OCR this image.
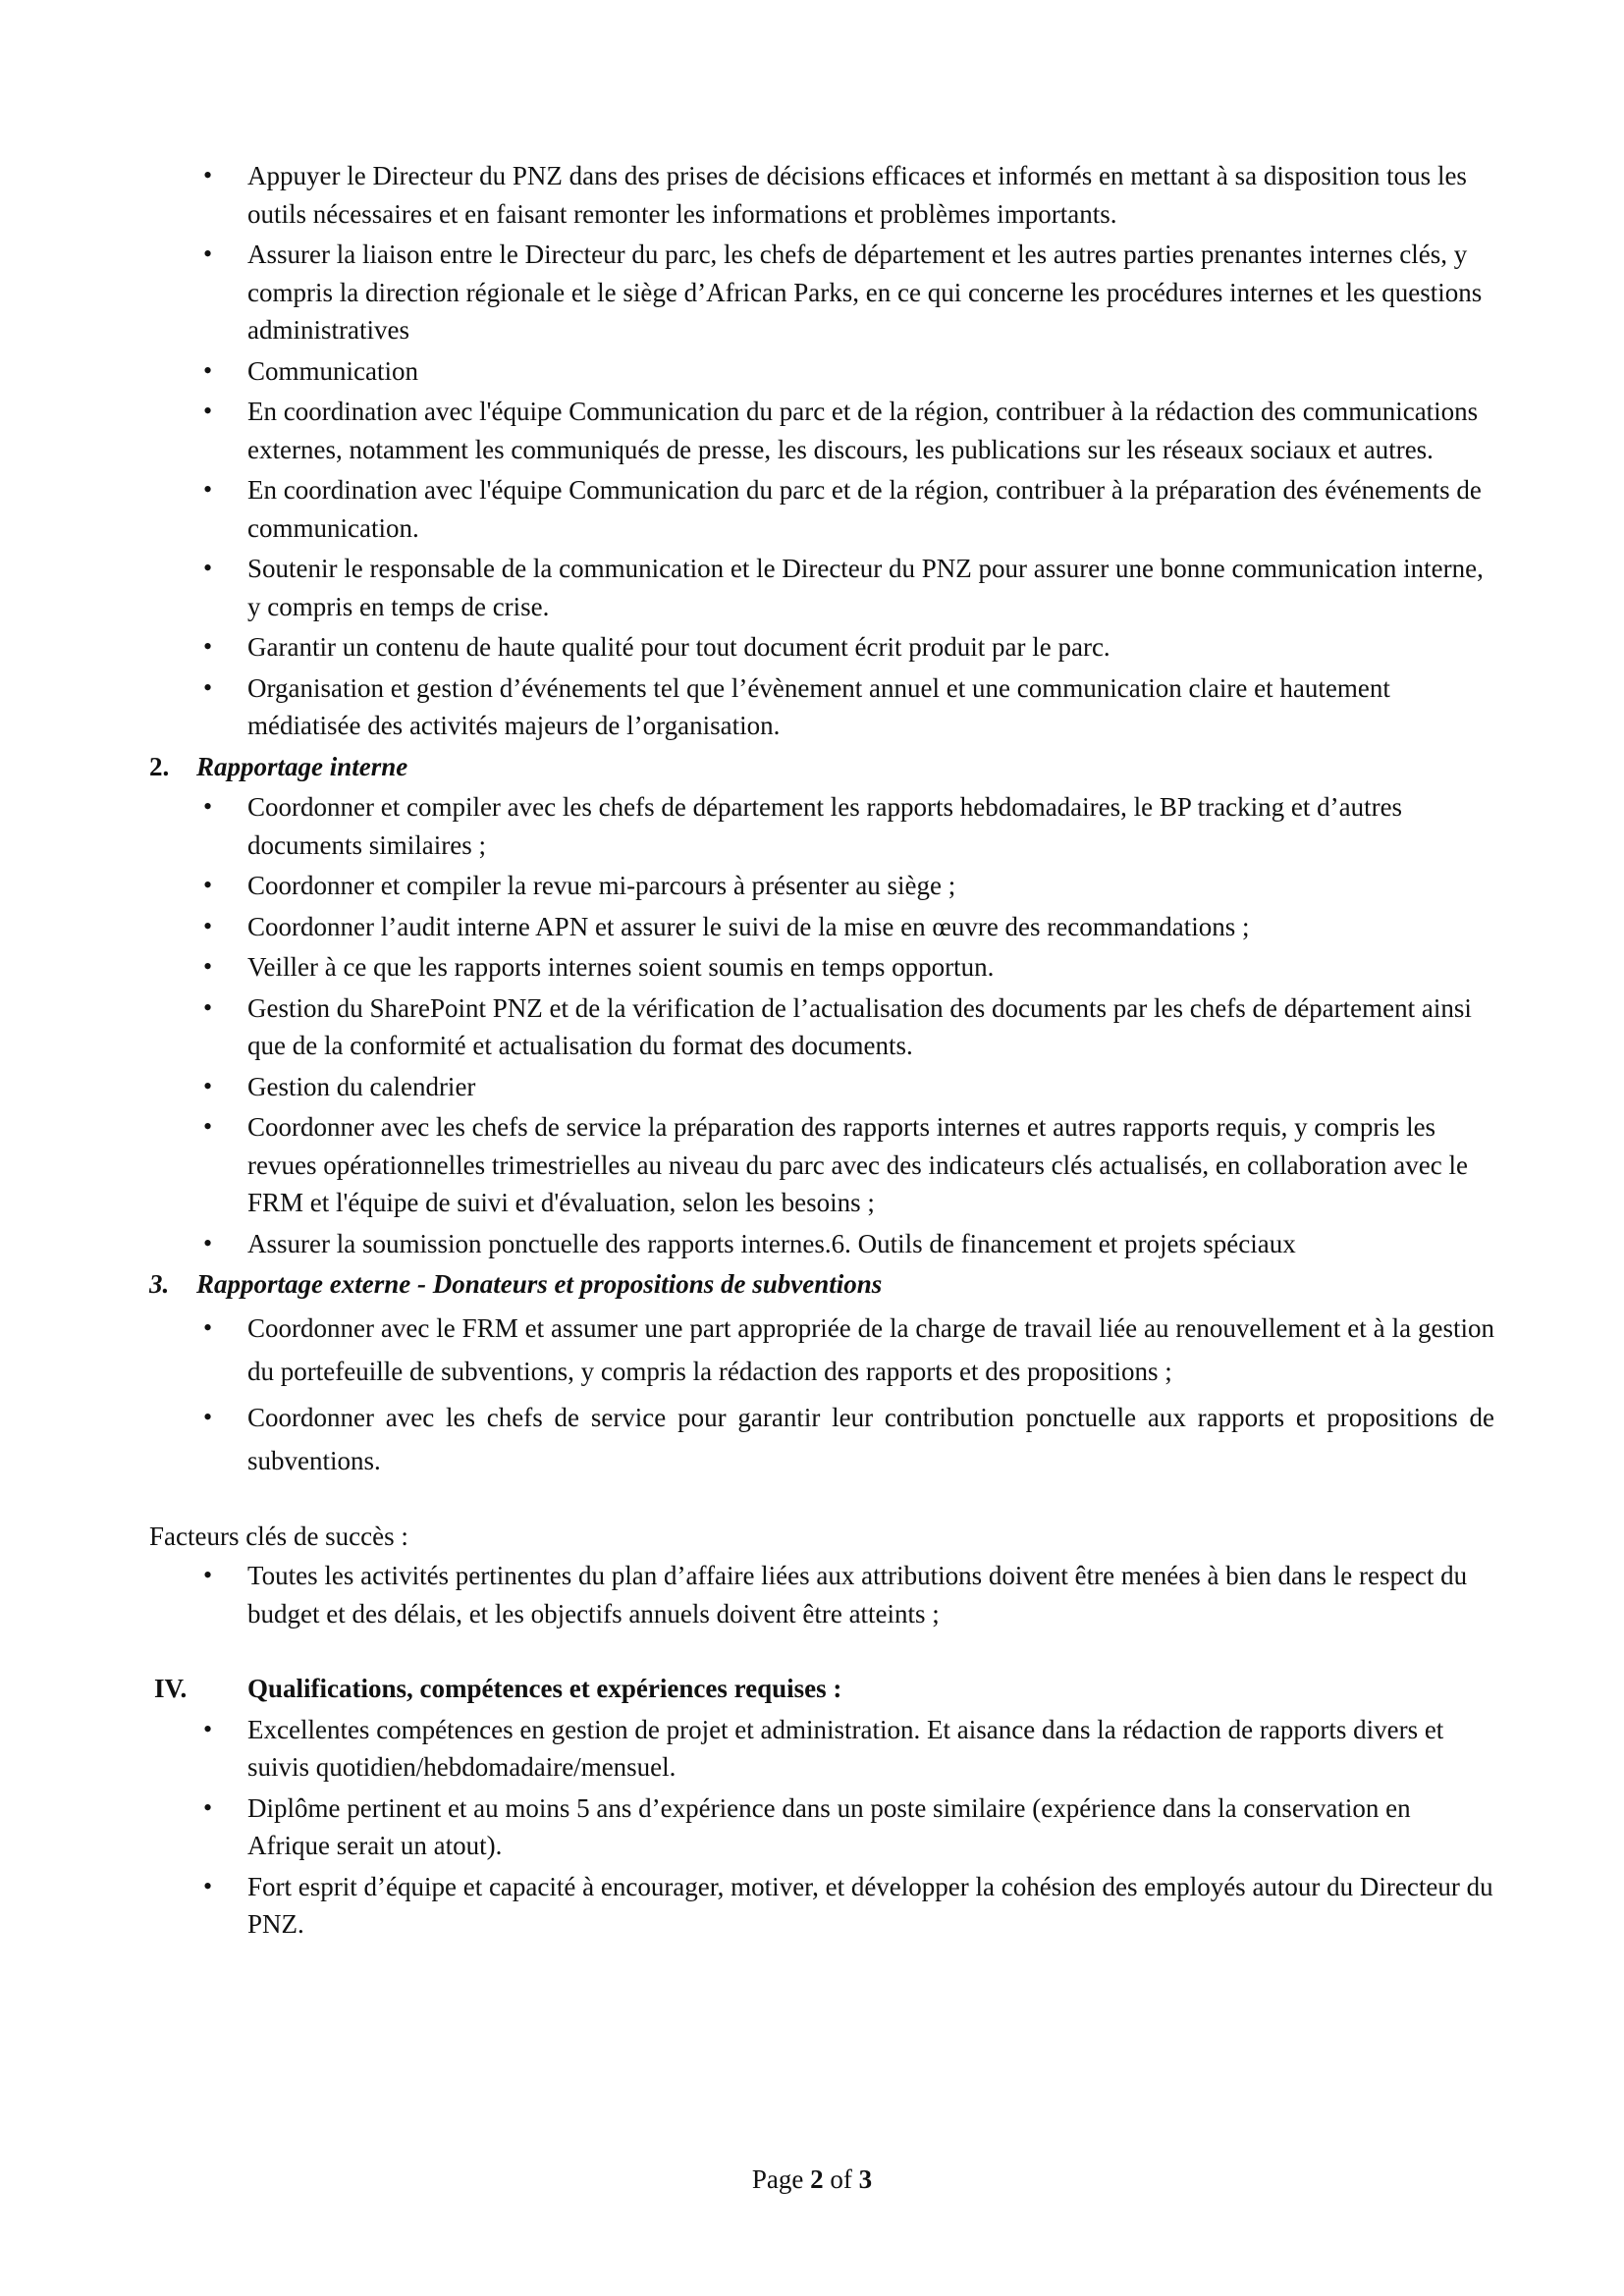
• Appuyer le Directeur du PNZ dans des prises de décisions efficaces et informés en mettant à sa disposition tous les outils nécessaires et en faisant remonter les informations et problèmes importants.
• Assurer la liaison entre le Directeur du parc, les chefs de département et les autres parties prenantes internes clés, y compris la direction régionale et le siège d’African Parks, en ce qui concerne les procédures internes et les questions administratives
• Communication
• En coordination avec l'équipe Communication du parc et de la région, contribuer à la rédaction des communications externes, notamment les communiqués de presse, les discours, les publications sur les réseaux sociaux et autres.
• En coordination avec l'équipe Communication du parc et de la région, contribuer à la préparation des événements de communication.
• Soutenir le responsable de la communication et le Directeur du PNZ pour assurer une bonne communication interne, y compris en temps de crise.
• Garantir un contenu de haute qualité pour tout document écrit produit par le parc.
• Organisation et gestion d’événements tel que l’évènement annuel et une communication claire et hautement médiatisée des activités majeurs de l’organisation.
2. Rapportage interne
• Coordonner et compiler avec les chefs de département les rapports hebdomadaires, le BP tracking et d’autres documents similaires ;
• Coordonner et compiler la revue mi-parcours à présenter au siège ;
• Coordonner l’audit interne APN et assurer le suivi de la mise en œuvre des recommandations ;
• Veiller à ce que les rapports internes soient soumis en temps opportun.
• Gestion du SharePoint PNZ et de la vérification de l’actualisation des documents par les chefs de département ainsi que de la conformité et actualisation du format des documents.
• Gestion du calendrier
• Coordonner avec les chefs de service la préparation des rapports internes et autres rapports requis, y compris les revues opérationnelles trimestrielles au niveau du parc avec des indicateurs clés actualisés, en collaboration avec le FRM et l'équipe de suivi et d'évaluation, selon les besoins ;
• Assurer la soumission ponctuelle des rapports internes.6. Outils de financement et projets spéciaux
3. Rapportage externe - Donateurs et propositions de subventions
• Coordonner avec le FRM et assumer une part appropriée de la charge de travail liée au renouvellement et à la gestion du portefeuille de subventions, y compris la rédaction des rapports et des propositions ;
• Coordonner avec les chefs de service pour garantir leur contribution ponctuelle aux rapports et propositions de subventions.
Facteurs clés de succès :
• Toutes les activités pertinentes du plan d’affaire liées aux attributions doivent être menées à bien dans le respect du budget et des délais, et les objectifs annuels doivent être atteints ;
IV. Qualifications, compétences et expériences requises :
• Excellentes compétences en gestion de projet et administration. Et aisance dans la rédaction de rapports divers et suivis quotidien/hebdomadaire/mensuel.
• Diplôme pertinent et au moins 5 ans d’expérience dans un poste similaire (expérience dans la conservation en Afrique serait un atout).
• Fort esprit d’équipe et capacité à encourager, motiver, et développer la cohésion des employés autour du Directeur du PNZ.
Page 2 of 3
